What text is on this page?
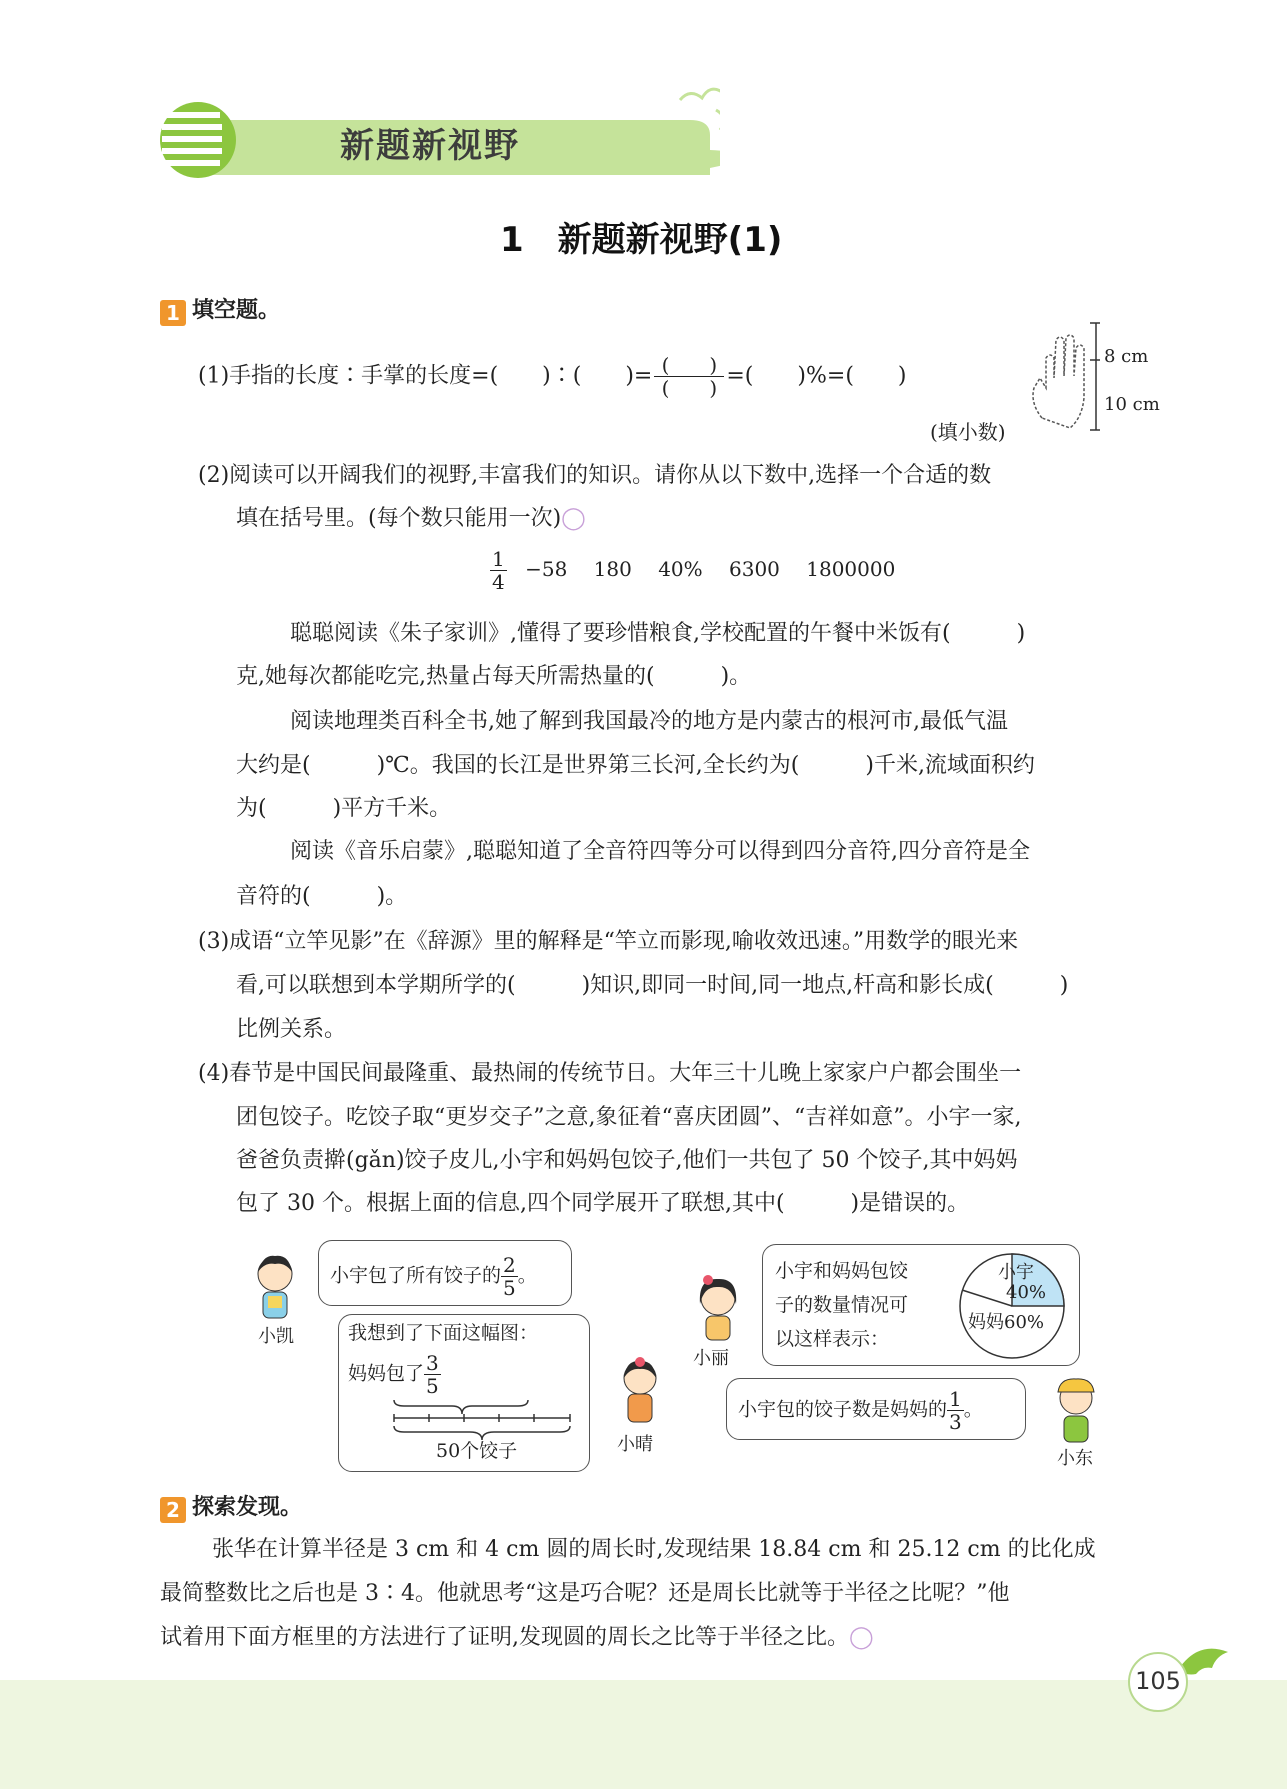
新题新视野
1　新题新视野(1)
1 填空题。
(1)手指的长度∶手掌的长度=(　　)∶(　　)= $\frac{( )}{( )}$ =(　　)%=(　　)
(填小数)
8 cm
10 cm
(2)阅读可以开阔我们的视野,丰富我们的知识。请你从以下数中,选择一个合适的数
填在括号里。(每个数只能用一次)◯
$\frac{1}{4} -58$　 180　 40%　 6300　 1800000
聪聪阅读《朱子家训》,懂得了要珍惜粮食,学校配置的午餐中米饭有(　　　)
克,她每次都能吃完,热量占每天所需热量的(　　　)。
阅读地理类百科全书,她了解到我国最冷的地方是内蒙古的根河市,最低气温
大约是(　　　)℃。我国的长江是世界第三长河,全长约为(　　　)千米,流域面积约
为(　　　)平方千米。
阅读《音乐启蒙》,聪聪知道了全音符四等分可以得到四分音符,四分音符是全
音符的(　　　)。
(3)成语“立竿见影”在《辞源》里的解释是“竿立而影现,喻收效迅速。”用数学的眼光来
看,可以联想到本学期所学的(　　　)知识,即同一时间,同一地点,杆高和影长成(　　　)
比例关系。
(4)春节是中国民间最隆重、最热闹的传统节日。大年三十儿晚上家家户户都会围坐一
团包饺子。吃饺子取“更岁交子”之意,象征着“喜庆团圆”、“吉祥如意”。小宇一家,
爸爸负责擀(gǎn)饺子皮儿,小宇和妈妈包饺子,他们一共包了 50 个饺子,其中妈妈
包了 30 个。根据上面的信息,四个同学展开了联想,其中(　　　)是错误的。
小凯
小宇包了所有饺子的 $\frac{2}{5}$ 。
我想到了下面这幅图：
妈妈包了 $\frac{3}{5}$
50个饺子	小晴
小丽
小宇和妈妈包饺
子的数量情况可
以这样表示：
小宇
40%
妈妈60%
小宇包的饺子数是妈妈的 $\frac{1}{3}$ 。
小东
2 探索发现。
张华在计算半径是 3 cm 和 4 cm 圆的周长时,发现结果 18.84 cm 和 25.12 cm 的比化成
最简整数比之后也是 3∶4。他就思考“这是巧合呢？还是周长比就等于半径之比呢？”他
试着用下面方框里的方法进行了证明,发现圆的周长之比等于半径之比。◯
105
